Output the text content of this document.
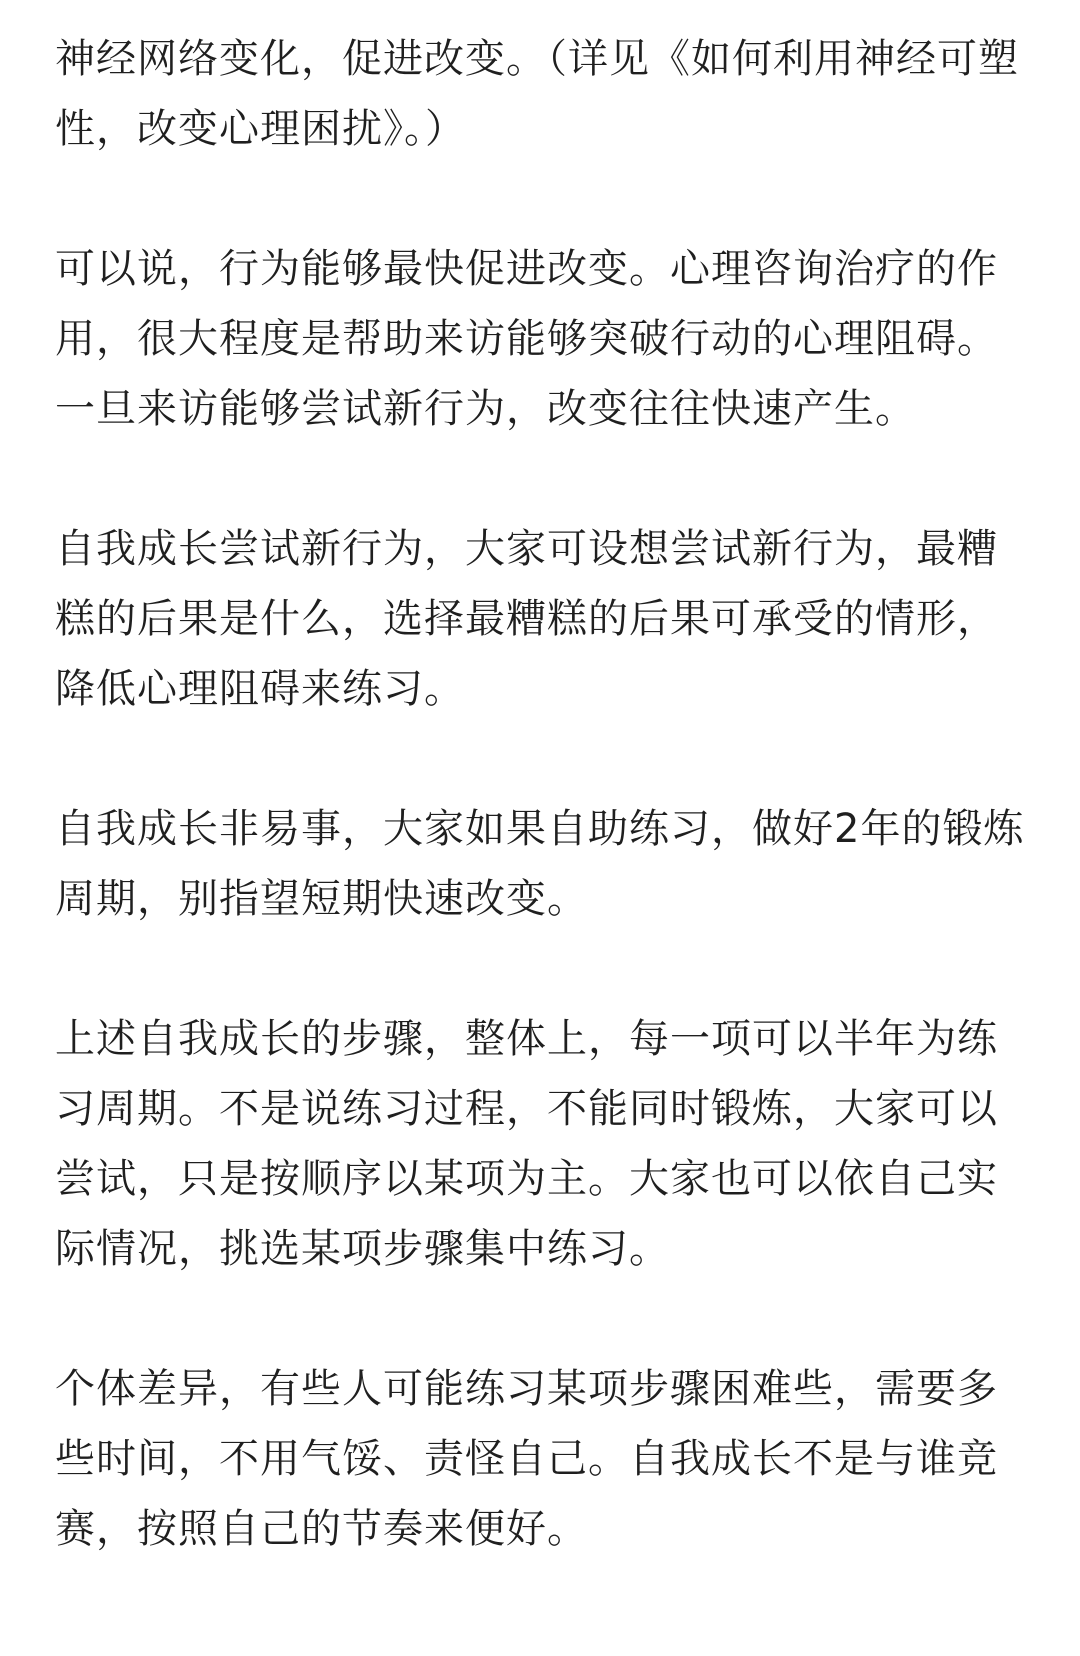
神经网络变化，促进改变。（详见《如何利用神经可塑性，改变心理困扰》。）

可以说，行为能够最快促进改变。心理咨询治疗的作用，很大程度是帮助来访能够突破行动的心理阻碍。一旦来访能够尝试新行为，改变往往快速产生。

自我成长尝试新行为，大家可设想尝试新行为，最糟糕的后果是什么，选择最糟糕的后果可承受的情形，降低心理阻碍来练习。

自我成长非易事，大家如果自助练习，做好2年的锻炼周期，别指望短期快速改变。

上述自我成长的步骤，整体上，每一项可以半年为练习周期。不是说练习过程，不能同时锻炼，大家可以尝试，只是按顺序以某项为主。大家也可以依自己实际情况，挑选某项步骤集中练习。

个体差异，有些人可能练习某项步骤困难些，需要多些时间，不用气馁、责怪自己。自我成长不是与谁竞赛，按照自己的节奏来便好。
